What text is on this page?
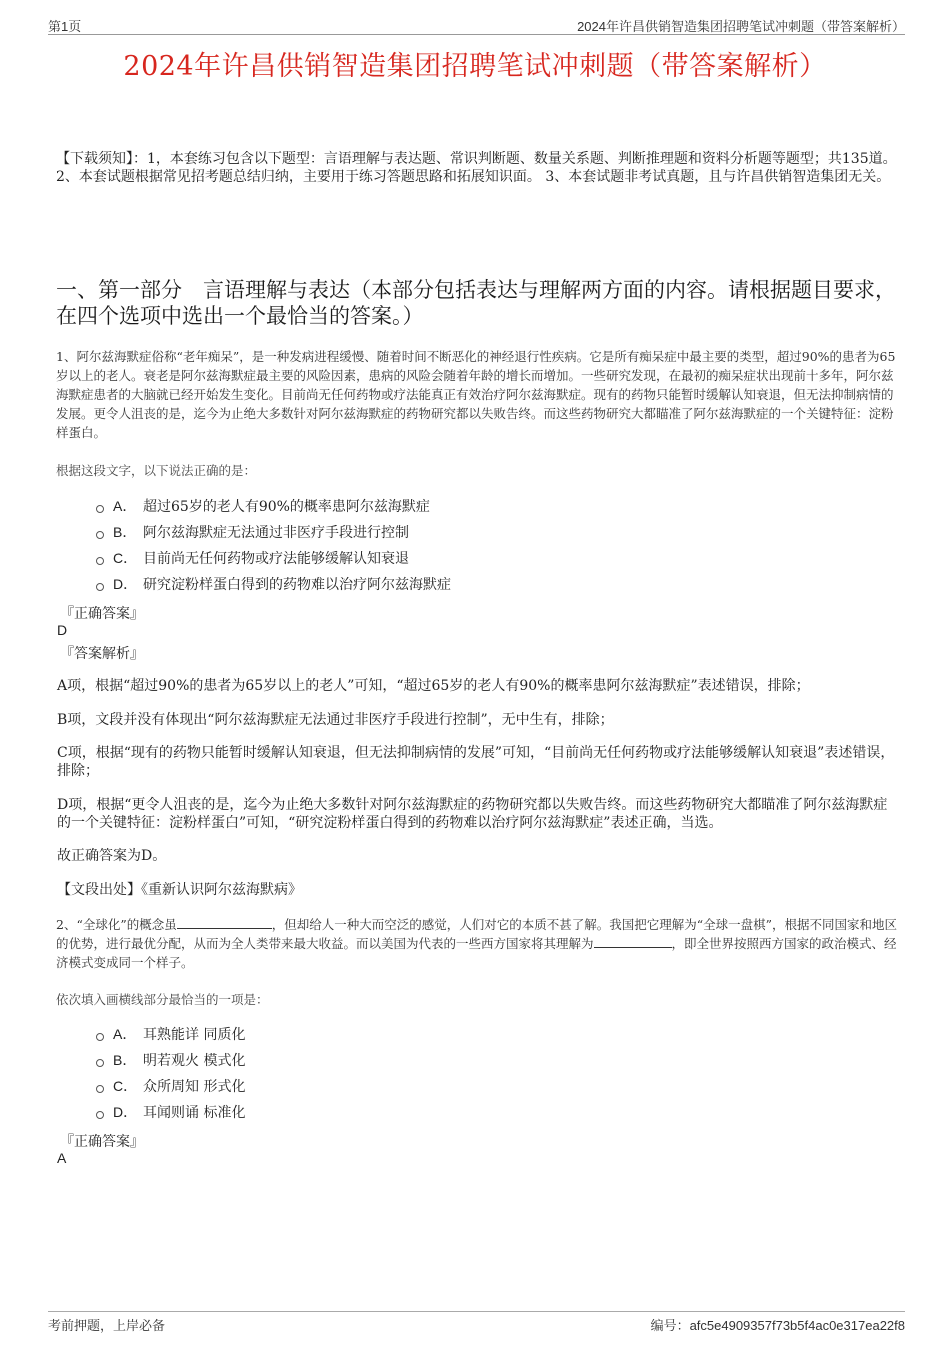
第1页	2024年许昌供销智造集团招聘笔试冲刺题（带答案解析）
2024年许昌供销智造集团招聘笔试冲刺题（带答案解析）
【下载须知】：1，本套练习包含以下题型：言语理解与表达题、常识判断题、数量关系题、判断推理题和资料分析题等题型；共135道。 2、本套试题根据常见招考题总结归纳，主要用于练习答题思路和拓展知识面。 3、本套试题非考试真题，且与许昌供销智造集团无关。
一、第一部分　言语理解与表达（本部分包括表达与理解两方面的内容。请根据题目要求，在四个选项中选出一个最恰当的答案。）
1、阿尔兹海默症俗称“老年痴呆”，是一种发病进程缓慢、随着时间不断恶化的神经退行性疾病。它是所有痴呆症中最主要的类型，超过90%的患者为65岁以上的老人。衰老是阿尔兹海默症最主要的风险因素，患病的风险会随着年龄的增长而增加。一些研究发现，在最初的痴呆症状出现前十多年，阿尔兹海默症患者的大脑就已经开始发生变化。目前尚无任何药物或疗法能真正有效治疗阿尔兹海默症。现有的药物只能暂时缓解认知衰退，但无法抑制病情的发展。更令人沮丧的是，迄今为止绝大多数针对阿尔兹海默症的药物研究都以失败告终。而这些药物研究大都瞄准了阿尔兹海默症的一个关键特征：淀粉样蛋白。
根据这段文字，以下说法正确的是：
A． 超过65岁的老人有90%的概率患阿尔兹海默症
B． 阿尔兹海默症无法通过非医疗手段进行控制
C． 目前尚无任何药物或疗法能够缓解认知衰退
D． 研究淀粉样蛋白得到的药物难以治疗阿尔兹海默症
『正确答案』
D
『答案解析』
A项，根据“超过90%的患者为65岁以上的老人”可知，“超过65岁的老人有90%的概率患阿尔兹海默症”表述错误，排除；
B项，文段并没有体现出“阿尔兹海默症无法通过非医疗手段进行控制”，无中生有，排除；
C项，根据“现有的药物只能暂时缓解认知衰退，但无法抑制病情的发展”可知，“目前尚无任何药物或疗法能够缓解认知衰退”表述错误，排除；
D项，根据“更令人沮丧的是，迄今为止绝大多数针对阿尔兹海默症的药物研究都以失败告终。而这些药物研究大都瞄准了阿尔兹海默症的一个关键特征：淀粉样蛋白”可知，“研究淀粉样蛋白得到的药物难以治疗阿尔兹海默症”表述正确，当选。
故正确答案为D。
【文段出处】《重新认识阿尔兹海默病》
2、“全球化”的概念虽	，但却给人一种大而空泛的感觉，人们对它的本质不甚了解。我国把它理解为“全球一盘棋”，根据不同国家和地区的优势，进行最优分配，从而为全人类带来最大收益。而以美国为代表的一些西方国家将其理解为	，即全世界按照西方国家的政治模式、经济模式变成同一个样子。
依次填入画横线部分最恰当的一项是：
A． 耳熟能详 同质化
B． 明若观火 模式化
C． 众所周知 形式化
D． 耳闻则诵 标准化
『正确答案』
A
考前押题，上岸必备	编号：afc5e4909357f73b5f4ac0e317ea22f8
